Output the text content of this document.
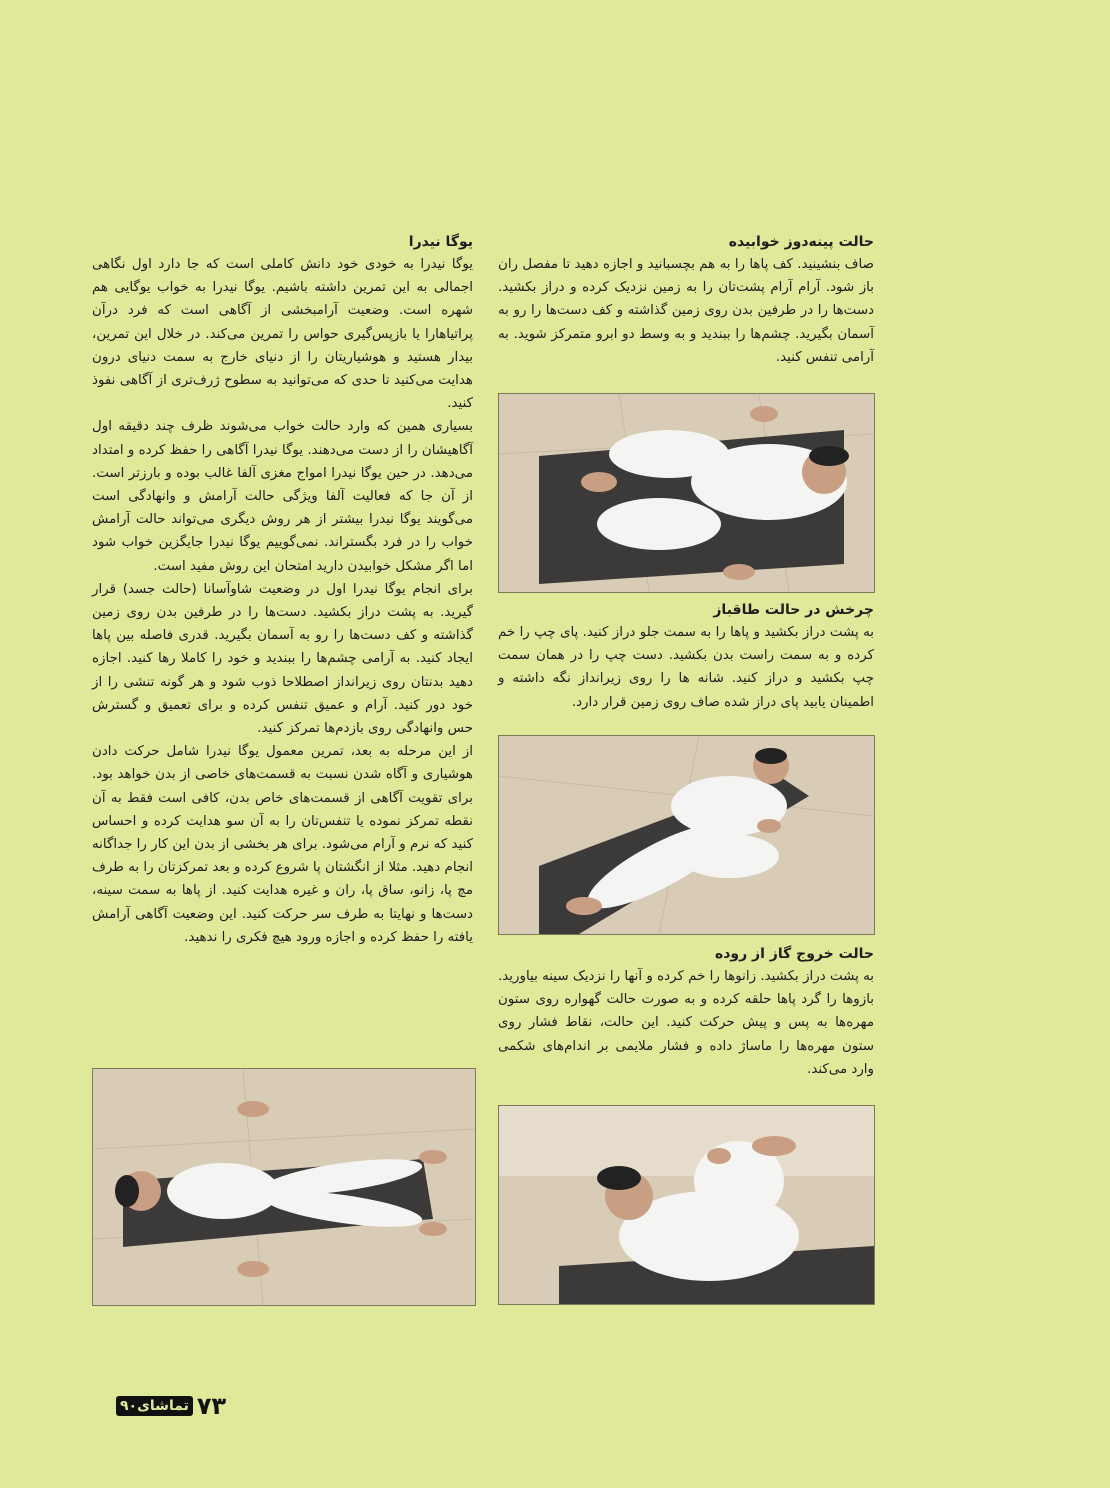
حالت پینه‌دوز خوابیده

صاف بنشینید. کف پاها را به هم بچسبانید و اجازه دهید تا مفصل ران باز شود. آرام آرام پشت‌تان را به زمین نزدیک کرده و دراز بکشید. دست‌ها را در طرفین بدن روی زمین گذاشته و کف دست‌ها را رو به آسمان بگیرید. چشم‌ها را ببندید و به وسط دو ابرو متمرکز شوید. به آرامی تنفس کنید.

چرخش در حالت طاقباز

به پشت دراز بکشید و پاها را به سمت جلو دراز کنید. پای چپ را خم کرده و به سمت راست بدن بکشید. دست چپ را در همان سمت چپ بکشید و دراز کنید. شانه ها را روی زیرانداز نگه داشته و اطمینان یابید پای دراز شده صاف روی زمین قرار دارد.

حالت خروج گاز از روده

به پشت دراز بکشید. زانوها را خم کرده و آنها را نزدیک سینه بیاورید. بازوها را گرد پاها حلقه کرده و به صورت حالت گهواره روی ستون مهره‌ها به پس و پیش حرکت کنید. این حالت، نقاط فشار روی ستون مهره‌ها را ماساژ داده و فشار ملایمی بر اندام‌های شکمی وارد می‌کند.

یوگا نیدرا

یوگا نیدرا به خودی خود دانش کاملی است که جا دارد اول نگاهی اجمالی به این تمرین داشته باشیم. یوگا نیدرا به خواب یوگایی هم شهره است. وضعیت آرامبخشی از آگاهی است که فرد درآن پراتیاهارا یا بازپس‌گیری حواس را تمرین می‌کند. در خلال این تمرین، بیدار هستید و هوشیاریتان را از دنیای خارج به سمت دنیای درون هدایت می‌کنید تا حدی که می‌توانید به سطوح ژرف‌تری از آگاهی نفوذ کنید.

بسیاری همین که وارد حالت خواب می‌شوند ظرف چند دقیقه اول آگاهیشان را از دست می‌دهند. یوگا نیدرا آگاهی را حفظ کرده و امتداد می‌دهد. در حین یوگا نیدرا امواج مغزی آلفا غالب بوده و بارزتر است. از آن جا که فعالیت آلفا ویژگی حالت آرامش و وانهادگی است می‌گویند یوگا نیدرا بیشتر از هر روش دیگری می‌تواند حالت آرامش خواب را در فرد بگستراند. نمی‌گوییم یوگا نیدرا جایگزین خواب شود اما اگر مشکل خوابیدن دارید امتحان این روش مفید است.

برای انجام یوگا نیدرا اول در وضعیت شاوآسانا (حالت جسد) قرار گیرید. به پشت دراز بکشید. دست‌ها را در طرفین بدن روی زمین گذاشته و کف دست‌ها را رو به آسمان بگیرید. قدری فاصله بین پاها ایجاد کنید. به آرامی چشم‌ها را ببندید و خود را کاملا رها کنید. اجازه دهید بدنتان روی زیرانداز اصطلاحا ذوب شود و هر گونه تنشی را از خود دور کنید. آرام و عمیق تنفس کرده و برای تعمیق و گسترش حس وانهادگی روی بازدم‌ها تمرکز کنید.

از این مرحله به بعد، تمرین معمول یوگا نیدرا شامل حرکت دادن هوشیاری و آگاه شدن نسبت به قسمت‌های خاصی از بدن خواهد بود. برای تقویت آگاهی از قسمت‌های خاص بدن، کافی است فقط به آن نقطه تمرکز نموده یا تنفس‌تان را به آن سو هدایت کرده و احساس کنید که نرم و آرام می‌شود. برای هر بخشی از بدن این کار را جداگانه انجام دهید. مثلا از انگشتان پا شروع کرده و بعد تمرکزتان را به طرف مچ پا، زانو، ساق پا، ران و غیره هدایت کنید. از پاها به سمت سینه، دست‌ها و نهایتا به طرف سر حرکت کنید. این وضعیت آگاهی آرامش یافته را حفظ کرده و اجازه ورود هیچ فکری را ندهید.

۷۳
تماشای۹۰
